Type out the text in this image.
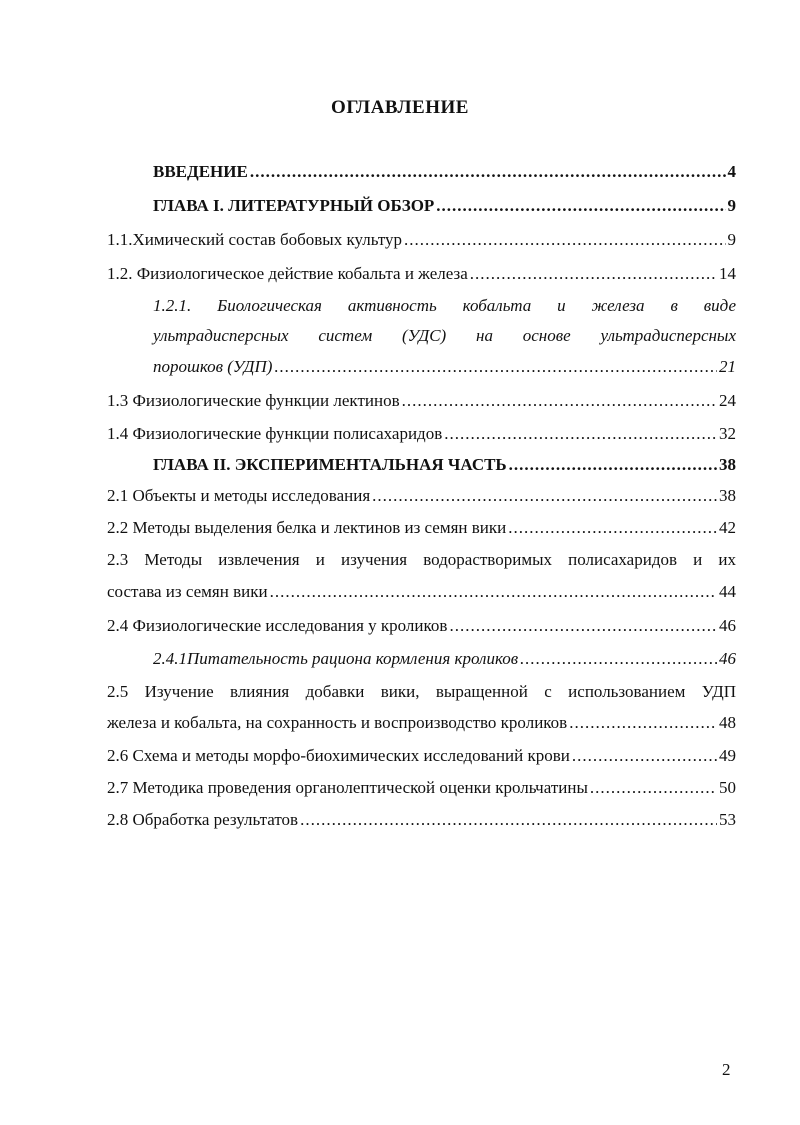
ОГЛАВЛЕНИЕ
ВВЕДЕНИЕ .....	4
ГЛАВА I. ЛИТЕРАТУРНЫЙ ОБЗОР .....	9
1.1.Химический состав бобовых культур .....	9
1.2. Физиологическое действие кобальта и железа .....	14
1.2.1. Биологическая активность кобальта и железа в виде
ультрадисперсных систем (УДС) на основе ультрадисперсных
порошков (УДП) .....	21
1.3 Физиологические функции лектинов .....	24
1.4 Физиологические функции полисахаридов .....	32
ГЛАВА II. ЭКСПЕРИМЕНТАЛЬНАЯ ЧАСТЬ .....	38
2.1 Объекты и методы исследования .....	38
2.2 Методы выделения белка и лектинов из семян вики .....	42
2.3 Методы извлечения и изучения водорастворимых полисахаридов и их
состава из семян вики .....	44
2.4 Физиологические исследования у кроликов .....	46
2.4.1Питательность рациона кормления кроликов .....	46
2.5 Изучение влияния добавки вики, выращенной с использованием УДП
железа и кобальта, на сохранность и воспроизводство кроликов .....	48
2.6 Схема и методы морфо-биохимических исследований крови .....	49
2.7 Методика проведения органолептической оценки крольчатины .....	50
2.8 Обработка результатов .....	53
2
